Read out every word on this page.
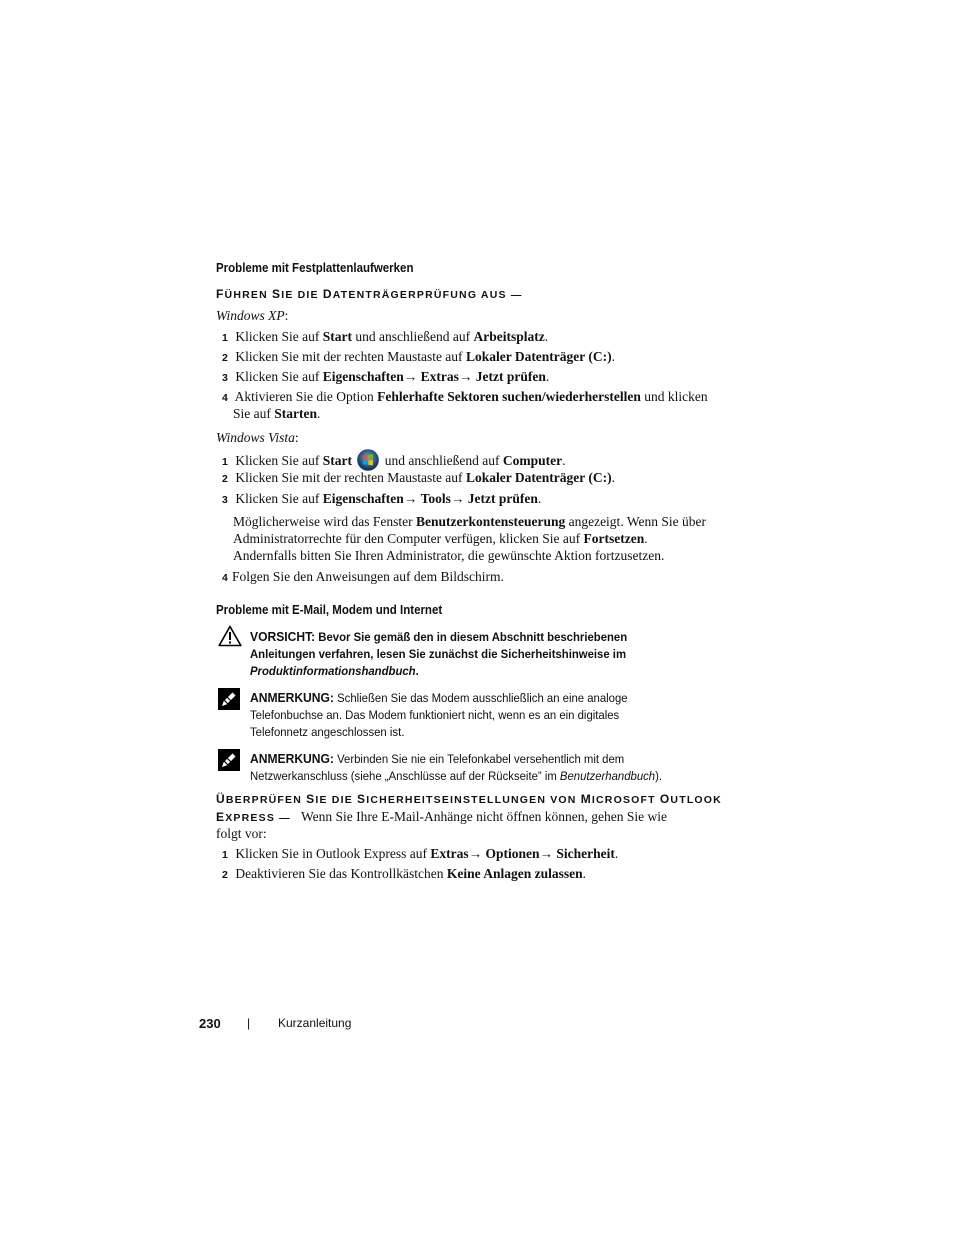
Probleme mit Festplattenlaufwerken
FÜHREN SIE DIE DATENTRÄGERPRÜFUNG AUS —
Windows XP:
1 Klicken Sie auf Start und anschließend auf Arbeitsplatz.
2 Klicken Sie mit der rechten Maustaste auf Lokaler Datenträger (C:).
3 Klicken Sie auf Eigenschaften→ Extras→ Jetzt prüfen.
4 Aktivieren Sie die Option Fehlerhafte Sektoren suchen/wiederherstellen und klicken
Sie auf Starten.
Windows Vista:
1 Klicken Sie auf Start  und anschließend auf Computer.
2 Klicken Sie mit der rechten Maustaste auf Lokaler Datenträger (C:).
3 Klicken Sie auf Eigenschaften→ Tools→ Jetzt prüfen.
Möglicherweise wird das Fenster Benutzerkontensteuerung angezeigt. Wenn Sie über
Administratorrechte für den Computer verfügen, klicken Sie auf Fortsetzen.
Andernfalls bitten Sie Ihren Administrator, die gewünschte Aktion fortzusetzen.
4 Folgen Sie den Anweisungen auf dem Bildschirm.
Probleme mit E-Mail, Modem und Internet
VORSICHT: Bevor Sie gemäß den in diesem Abschnitt beschriebenen
Anleitungen verfahren, lesen Sie zunächst die Sicherheitshinweise im
Produktinformationshandbuch.
ANMERKUNG: Schließen Sie das Modem ausschließlich an eine analoge
Telefonbuchse an. Das Modem funktioniert nicht, wenn es an ein digitales
Telefonnetz angeschlossen ist.
ANMERKUNG: Verbinden Sie nie ein Telefonkabel versehentlich mit dem
Netzwerkanschluss (siehe „Anschlüsse auf der Rückseite” im Benutzerhandbuch).
ÜBERPRÜFEN SIE DIE SICHERHEITSEINSTELLUNGEN VON MICROSOFT OUTLOOK
EXPRESS — Wenn Sie Ihre E-Mail-Anhänge nicht öffnen können, gehen Sie wie
folgt vor:
1 Klicken Sie in Outlook Express auf Extras→ Optionen→ Sicherheit.
2 Deaktivieren Sie das Kontrollkästchen Keine Anlagen zulassen.
230 | Kurzanleitung
